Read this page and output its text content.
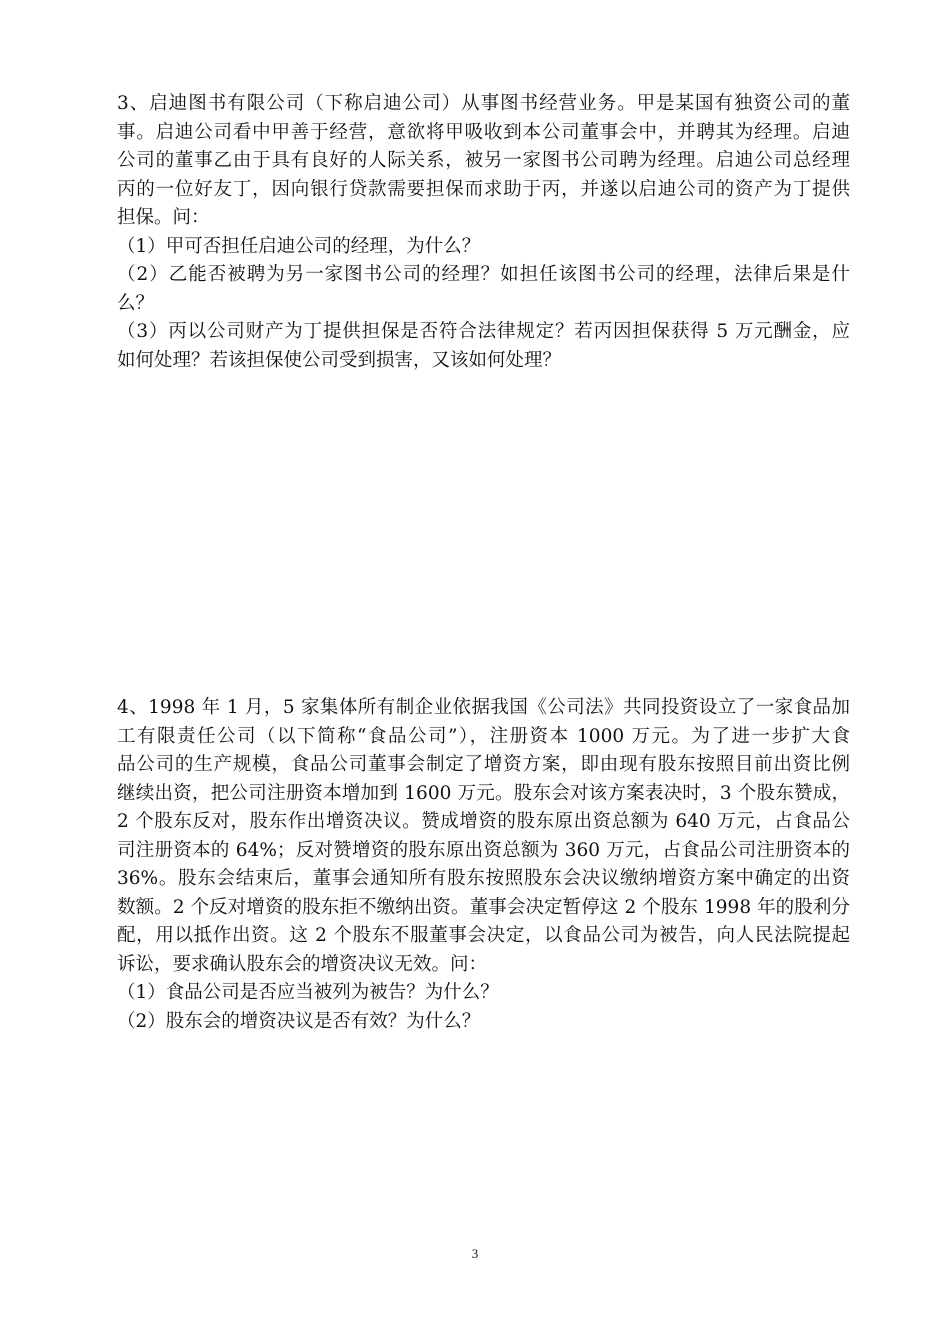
3、启迪图书有限公司（下称启迪公司）从事图书经营业务。甲是某国有独资公司的董
事。启迪公司看中甲善于经营，意欲将甲吸收到本公司董事会中，并聘其为经理。启迪
公司的董事乙由于具有良好的人际关系，被另一家图书公司聘为经理。启迪公司总经理
丙的一位好友丁，因向银行贷款需要担保而求助于丙，并遂以启迪公司的资产为丁提供
担保。问：
（1）甲可否担任启迪公司的经理，为什么？
（2）乙能否被聘为另一家图书公司的经理？如担任该图书公司的经理，法律后果是什
么？
（3）丙以公司财产为丁提供担保是否符合法律规定？若丙因担保获得 5 万元酬金，应
如何处理？若该担保使公司受到损害，又该如何处理？
4、1998 年 1 月，5 家集体所有制企业依据我国《公司法》共同投资设立了一家食品加
工有限责任公司（以下简称“食品公司”），注册资本 1000 万元。为了进一步扩大食
品公司的生产规模，食品公司董事会制定了增资方案，即由现有股东按照目前出资比例
继续出资，把公司注册资本增加到 1600 万元。股东会对该方案表决时，3 个股东赞成，
2 个股东反对，股东作出增资决议。赞成增资的股东原出资总额为 640 万元，占食品公
司注册资本的 64%；反对赞增资的股东原出资总额为 360 万元，占食品公司注册资本的
36%。股东会结束后，董事会通知所有股东按照股东会决议缴纳增资方案中确定的出资
数额。2 个反对增资的股东拒不缴纳出资。董事会决定暂停这 2 个股东 1998 年的股利分
配，用以抵作出资。这 2 个股东不服董事会决定，以食品公司为被告，向人民法院提起
诉讼，要求确认股东会的增资决议无效。问：
（1）食品公司是否应当被列为被告？为什么？
（2）股东会的增资决议是否有效？为什么？
3
